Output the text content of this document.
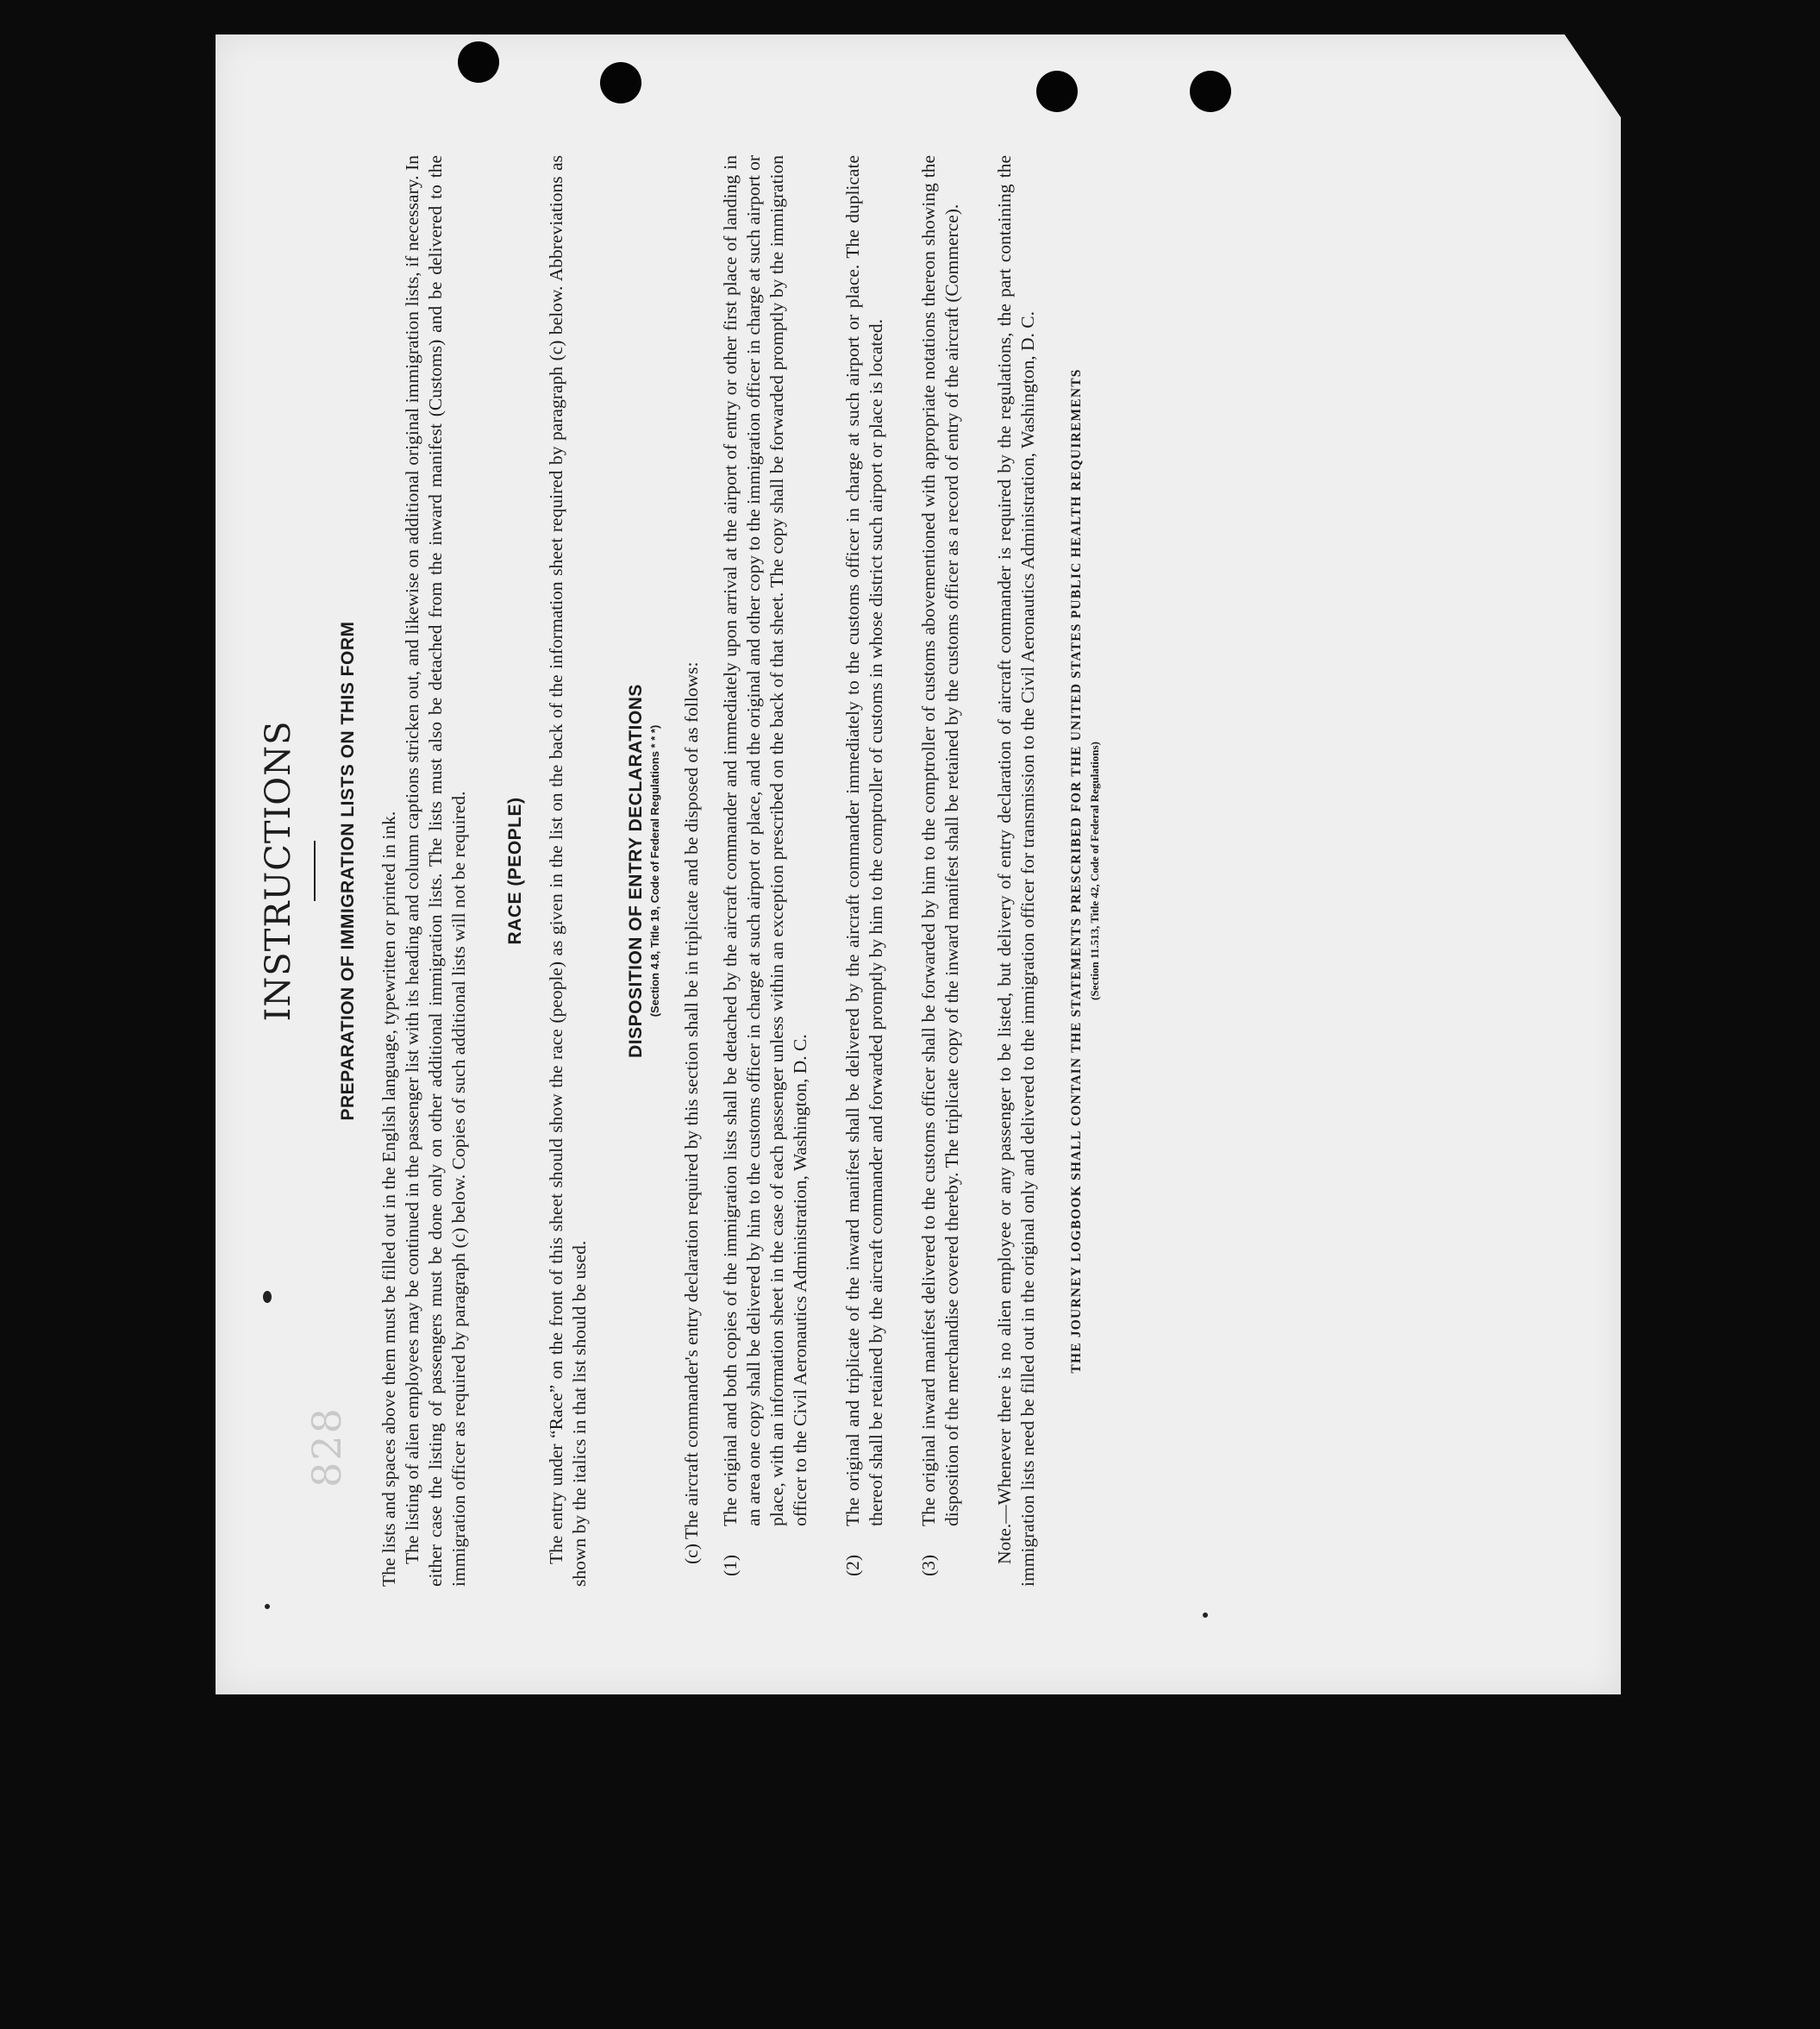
828
INSTRUCTIONS PREPARATION OF IMMIGRATION LISTS ON THIS FORM The lists and spaces above them must be filled out in the English language, typewritten or printed in ink. The listing of alien employees may be continued in the passenger list with its heading and column captions stricken out, and likewise on additional original immigration lists, if necessary. In either case the listing of passengers must be done only on other additional immigration lists. The lists must also be detached from the inward manifest (Customs) and be delivered to the immigration officer as required by paragraph (c) below. Copies of such additional lists will not be required. RACE (PEOPLE) The entry under “Race” on the front of this sheet should show the race (people) as given in the list on the back of the information sheet required by paragraph (c) below. Abbreviations as shown by the italics in that list should be used.

DISPOSITION OF ENTRY DECLARATIONS (Section 4.8, Title 19, Code of Federal Regulations * * *) (c) The aircraft commander's entry declaration required by this section shall be in triplicate and be disposed of as follows:

(1)
The original and both copies of the immigration lists shall be detached by the aircraft commander and immediately upon arrival at the airport of entry or other first place of landing in an area one copy shall be delivered by him to the customs officer in charge at such airport or place, and the original and other copy to the immigration officer in charge at such airport or place, with an information sheet in the case of each passenger unless within an exception prescribed on the back of that sheet. The copy shall be forwarded promptly by the immigration officer to the Civil Aeronautics Administration, Washington, D. C.
(2)
The original and triplicate of the inward manifest shall be delivered by the aircraft commander immediately to the customs officer in charge at such airport or place. The duplicate thereof shall be retained by the aircraft commander and forwarded promptly by him to the comptroller of customs in whose district such airport or place is located.
(3)
The original inward manifest delivered to the customs officer shall be forwarded by him to the comptroller of customs abovementioned with appropriate notations thereon showing the disposition of the merchandise covered thereby. The triplicate copy of the inward manifest shall be retained by the customs officer as a record of entry of the aircraft (Commerce). Note.—Whenever there is no alien employee or any passenger to be listed, but delivery of entry declaration of aircraft commander is required by the regulations, the part containing the immigration lists need be filled out in the original only and delivered to the immigration officer for transmission to the Civil Aeronautics Administration, Washington, D. C. THE JOURNEY LOGBOOK SHALL CONTAIN THE STATEMENTS PRESCRIBED FOR THE UNITED STATES PUBLIC HEALTH REQUIREMENTS (Section 11.513, Title 42, Code of Federal Regulations)
